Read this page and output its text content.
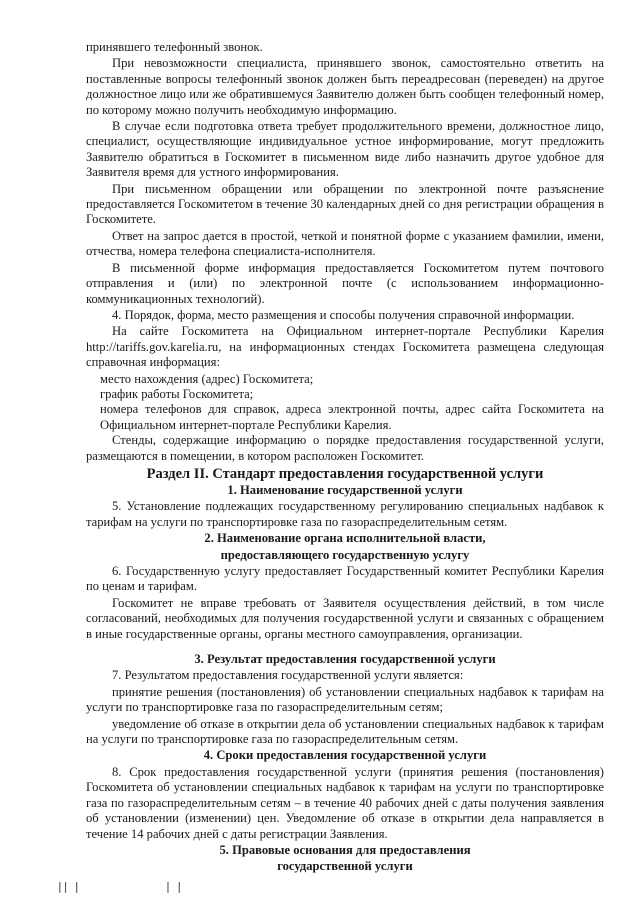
принявшего телефонный звонок.

При невозможности специалиста, принявшего звонок, самостоятельно ответить на поставленные вопросы телефонный звонок должен быть переадресован (переведен) на другое должностное лицо или же обратившемуся Заявителю должен быть сообщен телефонный номер, по которому можно получить необходимую информацию.

В случае если подготовка ответа требует продолжительного времени, должностное лицо, специалист, осуществляющие индивидуальное устное информирование, могут предложить Заявителю обратиться в Госкомитет в письменном виде либо назначить другое удобное для Заявителя время для устного информирования.

При письменном обращении или обращении по электронной почте разъяснение предоставляется Госкомитетом в течение 30 календарных дней со дня регистрации обращения в Госкомитете.

Ответ на запрос дается в простой, четкой и понятной форме с указанием фамилии, имени, отчества, номера телефона специалиста-исполнителя.

В письменной форме информация предоставляется Госкомитетом путем почтового отправления и (или) по электронной почте (с использованием информационно-коммуникационных технологий).

4. Порядок, форма, место размещения и способы получения справочной информации.

На сайте Госкомитета на Официальном интернет-портале Республики Карелия http://tariffs.gov.karelia.ru, на информационных стендах Госкомитета размещена следующая справочная информация:

место нахождения (адрес) Госкомитета;

график работы Госкомитета;

номера телефонов для справок, адреса электронной почты, адрес сайта Госкомитета на Официальном интернет-портале Республики Карелия.

Стенды, содержащие информацию о порядке предоставления государственной услуги, размещаются в помещении, в котором расположен Госкомитет.

Раздел II. Стандарт предоставления государственной услуги
1. Наименование государственной услуги

5. Установление подлежащих государственному регулированию специальных надбавок к тарифам на услуги по транспортировке газа по газораспределительным сетям.

2. Наименование органа исполнительной власти,
предоставляющего государственную услугу

6. Государственную услугу предоставляет Государственный комитет Республики Карелия по ценам и тарифам.

Госкомитет не вправе требовать от Заявителя осуществления действий, в том числе согласований, необходимых для получения государственной услуги и связанных с обращением в иные государственные органы, органы местного самоуправления, организации.

3. Результат предоставления государственной услуги

7. Результатом предоставления государственной услуги является:

принятие решения (постановления) об установлении специальных надбавок к тарифам на услуги по транспортировке газа по газораспределительным сетям;

уведомление об отказе в открытии дела об установлении специальных надбавок к тарифам на услуги по транспортировке газа по газораспределительным сетям.

4. Сроки предоставления государственной услуги

8. Срок предоставления государственной услуги (принятия решения (постановления) Госкомитета об установлении специальных надбавок к тарифам на услуги по транспортировке газа по газораспределительным сетям – в течение 40 рабочих дней с даты получения заявления об установлении (изменении) цен. Уведомление об отказе в открытии дела направляется в течение 14 рабочих дней с даты регистрации Заявления.

5. Правовые основания для предоставления
государственной услуги
|| |	| |
